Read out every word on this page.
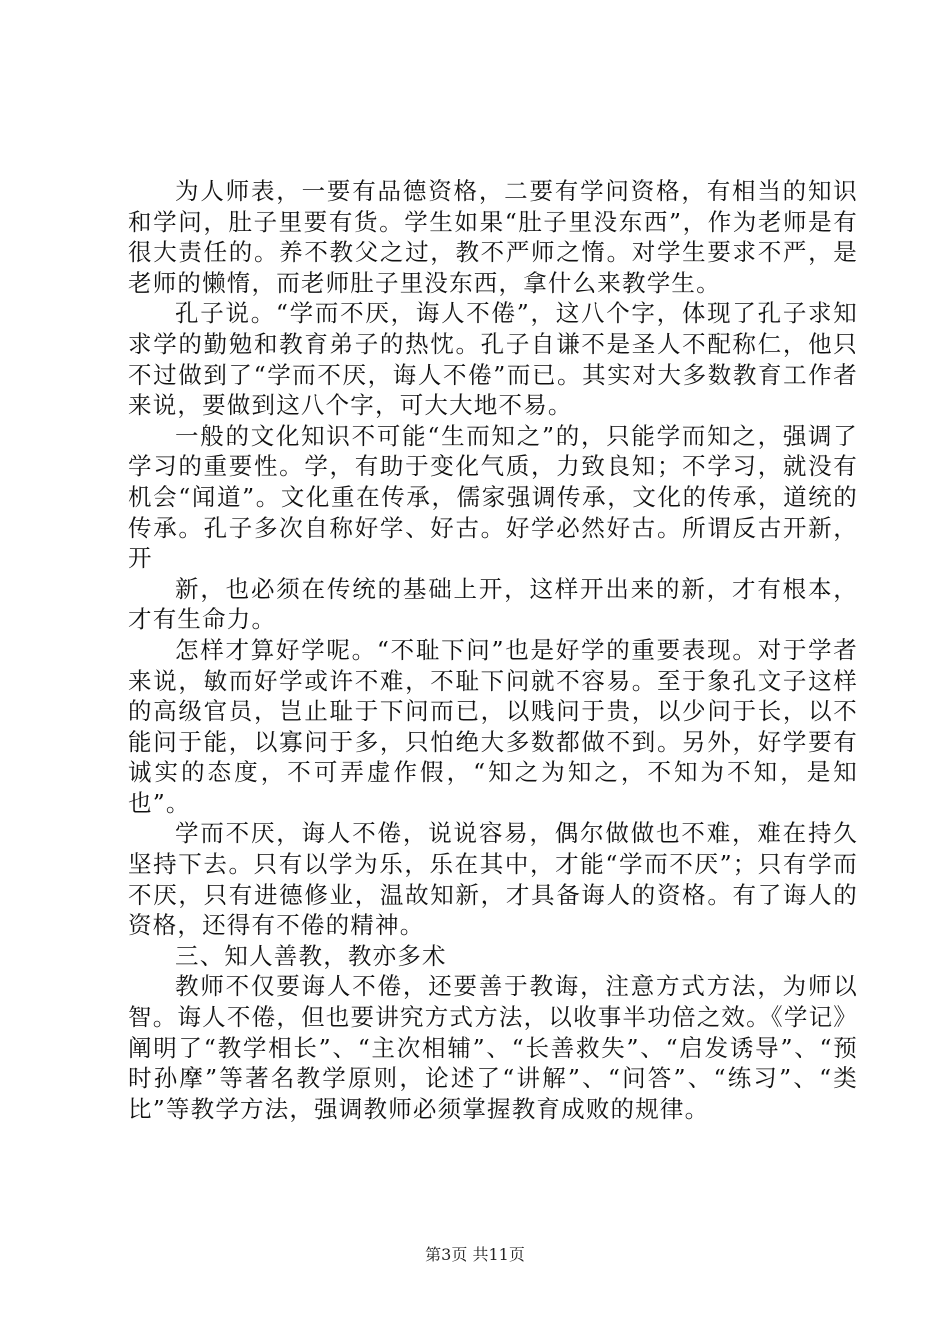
为人师表，一要有品德资格，二要有学问资格，有相当的知识和学问，肚子里要有货。学生如果“肚子里没东西”，作为老师是有很大责任的。养不教父之过，教不严师之惰。对学生要求不严，是老师的懒惰，而老师肚子里没东西，拿什么来教学生。

孔子说。“学而不厌，诲人不倦”，这八个字，体现了孔子求知求学的勤勉和教育弟子的热忱。孔子自谦不是圣人不配称仁，他只不过做到了“学而不厌，诲人不倦”而已。其实对大多数教育工作者来说，要做到这八个字，可大大地不易。

一般的文化知识不可能“生而知之”的，只能学而知之，强调了学习的重要性。学，有助于变化气质，力致良知；不学习，就没有机会“闻道”。文化重在传承，儒家强调传承，文化的传承，道统的传承。孔子多次自称好学、好古。好学必然好古。所谓反古开新，开

新，也必须在传统的基础上开，这样开出来的新，才有根本，才有生命力。

怎样才算好学呢。“不耻下问”也是好学的重要表现。对于学者来说，敏而好学或许不难，不耻下问就不容易。至于象孔文子这样的高级官员，岂止耻于下问而已，以贱问于贵，以少问于长，以不能问于能，以寡问于多，只怕绝大多数都做不到。另外，好学要有诚实的态度，不可弄虚作假，“知之为知之，不知为不知，是知也”。

学而不厌，诲人不倦，说说容易，偶尔做做也不难，难在持久坚持下去。只有以学为乐，乐在其中，才能“学而不厌”；只有学而不厌，只有进德修业，温故知新，才具备诲人的资格。有了诲人的资格，还得有不倦的精神。

三、知人善教，教亦多术

教师不仅要诲人不倦，还要善于教诲，注意方式方法，为师以智。诲人不倦，但也要讲究方式方法，以收事半功倍之效。《学记》阐明了“教学相长”、“主次相辅”、“长善救失”、“启发诱导”、“预时孙摩”等著名教学原则，论述了“讲解”、“问答”、“练习”、“类比”等教学方法，强调教师必须掌握教育成败的规律。

第3页 共11页
